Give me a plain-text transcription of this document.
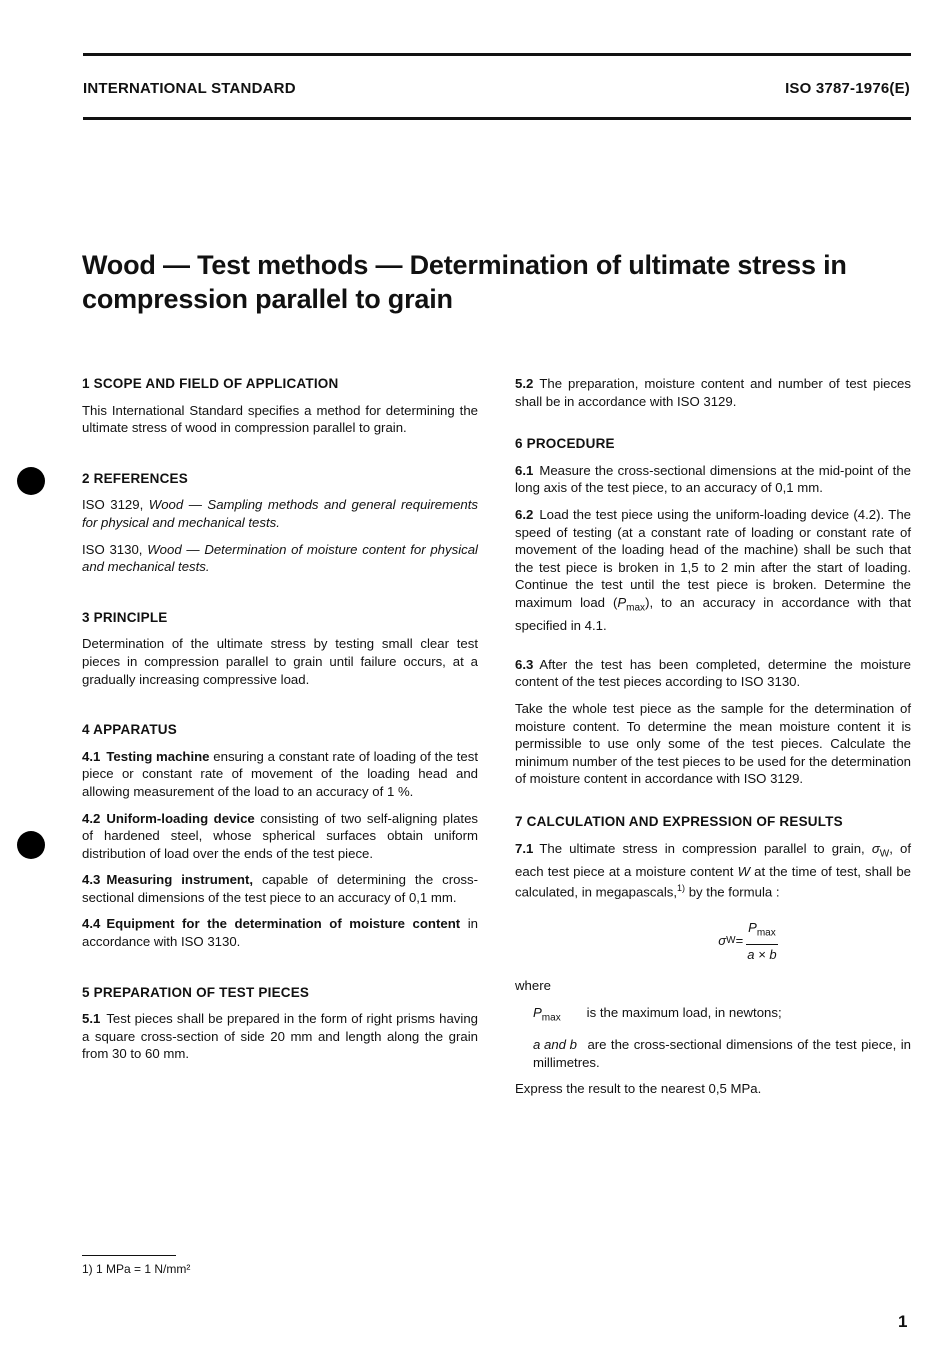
INTERNATIONAL STANDARD	ISO 3787-1976(E)
Wood — Test methods — Determination of ultimate stress in compression parallel to grain
1 SCOPE AND FIELD OF APPLICATION
This International Standard specifies a method for determining the ultimate stress of wood in compression parallel to grain.
2 REFERENCES
ISO 3129, Wood — Sampling methods and general requirements for physical and mechanical tests.
ISO 3130, Wood — Determination of moisture content for physical and mechanical tests.
3 PRINCIPLE
Determination of the ultimate stress by testing small clear test pieces in compression parallel to grain until failure occurs, at a gradually increasing compressive load.
4 APPARATUS
4.1 Testing machine ensuring a constant rate of loading of the test piece or constant rate of movement of the loading head and allowing measurement of the load to an accuracy of 1 %.
4.2 Uniform-loading device consisting of two self-aligning plates of hardened steel, whose spherical surfaces obtain uniform distribution of load over the ends of the test piece.
4.3 Measuring instrument, capable of determining the cross-sectional dimensions of the test piece to an accuracy of 0,1 mm.
4.4 Equipment for the determination of moisture content in accordance with ISO 3130.
5 PREPARATION OF TEST PIECES
5.1 Test pieces shall be prepared in the form of right prisms having a square cross-section of side 20 mm and length along the grain from 30 to 60 mm.
5.2 The preparation, moisture content and number of test pieces shall be in accordance with ISO 3129.
6 PROCEDURE
6.1 Measure the cross-sectional dimensions at the mid-point of the long axis of the test piece, to an accuracy of 0,1 mm.
6.2 Load the test piece using the uniform-loading device (4.2). The speed of testing (at a constant rate of loading or constant rate of movement of the loading head of the machine) shall be such that the test piece is broken in 1,5 to 2 min after the start of loading. Continue the test until the test piece is broken. Determine the maximum load $(P_{max})$, to an accuracy in accordance with that specified in 4.1.
6.3 After the test has been completed, determine the moisture content of the test pieces according to ISO 3130.
Take the whole test piece as the sample for the determination of moisture content. To determine the mean moisture content it is permissible to use only some of the test pieces. Calculate the minimum number of the test pieces to be used for the determination of moisture content in accordance with ISO 3129.
7 CALCULATION AND EXPRESSION OF RESULTS
7.1 The ultimate stress in compression parallel to grain, $\sigma_W$, of each test piece at a moisture content W at the time of test, shall be calculated, in megapascals,$^{1)}$ by the formula :
σ $W = \frac{P_{max}}{a \times b}$
where
$P_{max}$ is the maximum load, in newtons;
a and b are the cross-sectional dimensions of the test piece, in millimetres.
Express the result to the nearest 0,5 MPa.
1) 1 MPa = 1 N/mm²
1
